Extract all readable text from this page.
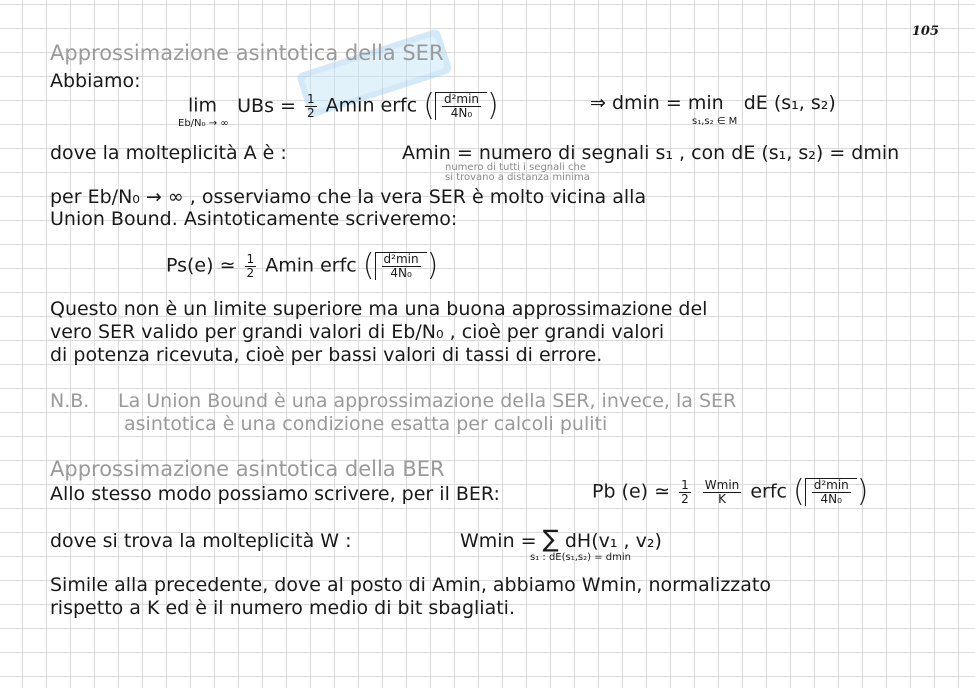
105
Approssimazione asintotica della SER
Abbiamo:
lim UBs = $\frac{1}{2}$ Amin erfc ( $\frac{\text{d²min}}{\text{4N₀}}$ )
Eb/N₀ → ∞
⇒ dmin = min dE (s₁, s₂)
s₁,s₂ ∈ M
dove la molteplicità A è :	Amin = numero di segnali s₁ , con dE (s₁, s₂) = dmin
numero di tutti i segnali che
si trovano a distanza minima
per Eb/N₀ → ∞ , osserviamo che la vera SER è molto vicina alla
Union Bound. Asintoticamente scriveremo:
Ps(e) ≃ $\frac{1}{2}$ Amin erfc ( $\frac{\text{d²min}}{\text{4N₀}}$ )
Questo non è un limite superiore ma una buona approssimazione del
vero SER valido per grandi valori di Eb/N₀ , cioè per grandi valori
di potenza ricevuta, cioè per bassi valori di tassi di errore.
N.B. La Union Bound è una approssimazione della SER, invece, la SER
asintotica è una condizione esatta per calcoli puliti
Approssimazione asintotica della BER
Allo stesso modo possiamo scrivere, per il BER:	Pb (e) ≃ $\frac{1}{2}$
$\frac{Wmin}{K}$ erfc ( $\frac{\text{d²min}}{\text{4N₀}}$ )
dove si trova la molteplicità W :	Wmin = ∑ dH(v₁ , v₂)
s₁ : dE(s₁,s₂) = dmin
Simile alla precedente, dove al posto di Amin, abbiamo Wmin, normalizzato
rispetto a K ed è il numero medio di bit sbagliati.
